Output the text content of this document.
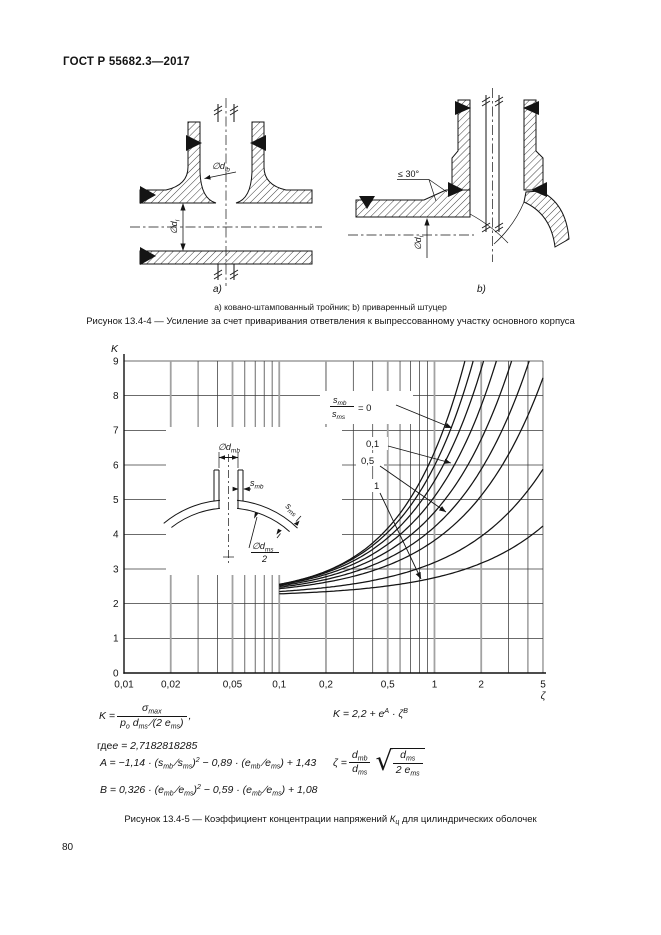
ГОСТ Р 55682.3—2017
$\emptyset d_{ib}$
$\emptyset d_i$
а)
≤ 30°
$\emptyset d_i$
b)
а) ковано-штампованный тройник; b) приваренный штуцер
Рисунок 13.4-4 — Усиление за счет приваривания ответвления к выпрессованному участку основного корпуса
$\emptyset d_{mb}$
$s_{mb}$
$s_{ms}$
$\emptyset d_{ms}$
2
$s_{mb}$
$s_{ms}$
= 0
0,1
0,5
1
0
1
2
3
4
5
6
7
8
9
0,01	0,02	0,05	0,1	0,2	0,5	1	2	5
K
ζ
$K = \frac{\sigma_{max}}{p_o d_{ms} ∕(2 e_{ms})}$ ,	$K = 2,2 + e^A \cdot \zeta^B$
где е = 2,7182818285
$A = -1,14 \cdot (s_{mb}$ $∕s_{ms})^2 - 0,89 \cdot (e_{mb}$ $∕e_{ms}) + 1,43$ $\zeta = \frac{d_{mb}}{d_{ms}}$ √ $\frac{d_{ms}}{2 e_{ms}}$
$B = 0,326 \cdot (e_{mb}$ $∕e_{ms})^2 - 0,59 \cdot (e_{mb}$ $∕e_{ms}) + 1,08$
Рисунок 13.4-5 — Коэффициент концентрации напряжений $К_ц$ для цилиндрических оболочек
80
